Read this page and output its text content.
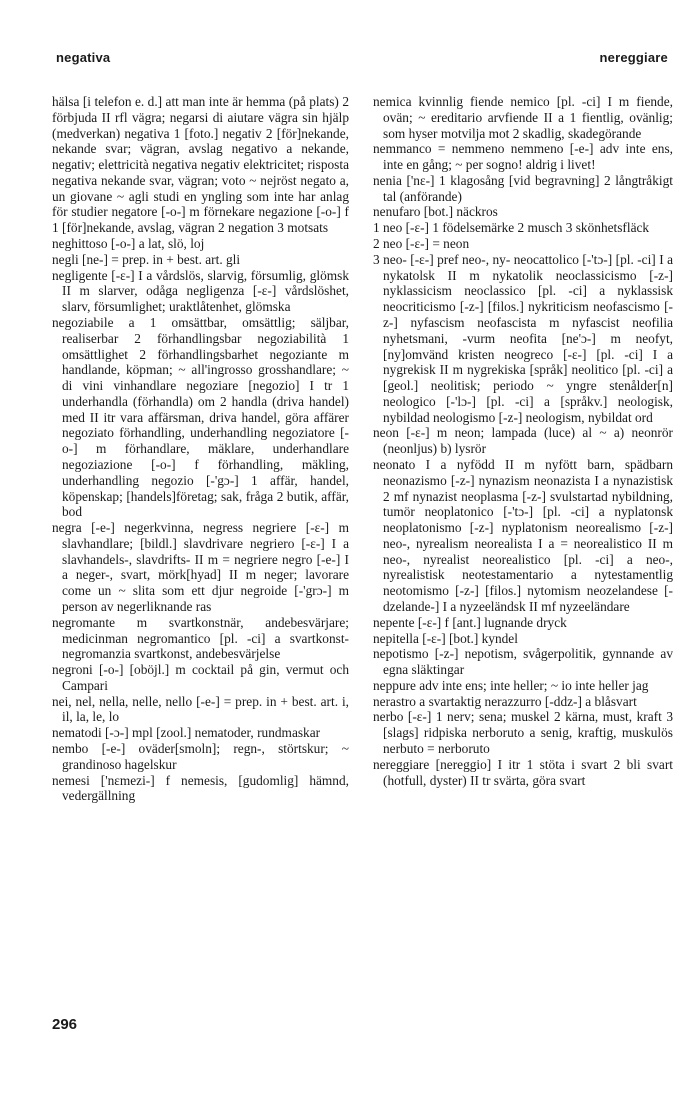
negativa	nereggiare

hälsa [i telefon e. d.] att man inte är hemma (på plats) 2 förbjuda II rfl vägra; negarsi di aiutare vägra sin hjälp (medverkan) negativa 1 [foto.] negativ 2 [för]nekande, nekande svar; vägran, avslag negativo a nekande, negativ; elettricità negativa negativ elektricitet; risposta negativa nekande svar, vägran; voto ~ nejröst negato a, un giovane ~ agli studi en yngling som inte har anlag för studier negatore [-o-] m förnekare negazione [-o-] f 1 [för]nekande, avslag, vägran 2 negation 3 motsats

neghittoso [-o-] a lat, slö, loj

negli [ne-] = prep. in + best. art. gli

negligente [-ɛ-] I a vårdslös, slarvig, försumlig, glömsk II m slarver, odåga negligenza [-ɛ-] vårdslöshet, slarv, försumlighet; uraktlåtenhet, glömska

negoziabile a 1 omsättbar, omsättlig; säljbar, realiserbar 2 förhandlingsbar negoziabilità 1 omsättlighet 2 förhandlingsbarhet negoziante m handlande, köpman; ~ all'ingrosso grosshandlare; ~ di vini vinhandlare negoziare [negozio] I tr 1 underhandla (förhandla) om 2 handla (driva handel) med II itr vara affärsman, driva handel, göra affärer negoziato förhandling, underhandling negoziatore [-o-] m förhandlare, mäklare, underhandlare negoziazione [-o-] f förhandling, mäkling, underhandling negozio [-'gɔ-] 1 affär, handel, köpenskap; [handels]företag; sak, fråga 2 butik, affär, bod

negra [-e-] negerkvinna, negress negriere [-ɛ-] m slavhandlare; [bildl.] slavdrivare negriero [-ɛ-] I a slavhandels-, slavdrifts- II m = negriere negro [-e-] I a neger-, svart, mörk[hyad] II m neger; lavorare come un ~ slita som ett djur negroide [-'grɔ-] m person av negerliknande ras

negromante m svartkonstnär, andebesvärjare; medicinman negromantico [pl. -ci] a svartkonst- negromanzia svartkonst, andebesvärjelse

negroni [-o-] [oböjl.] m cocktail på gin, vermut och Campari

nei, nel, nella, nelle, nello [-e-] = prep. in + best. art. i, il, la, le, lo

nematodi [-ɔ-] mpl [zool.] nematoder, rundmaskar

nembo [-e-] oväder[smoln]; regn-, störtskur; ~ grandinoso hagelskur

nemesi ['nɛmezi-] f nemesis, [gudomlig] hämnd, vedergällning

nemica kvinnlig fiende nemico [pl. -ci] I m fiende, ovän; ~ ereditario arvfiende II a 1 fientlig, ovänlig; som hyser motvilja mot 2 skadlig, skadegörande

nemmanco = nemmeno nemmeno [-e-] adv inte ens, inte en gång; ~ per sogno! aldrig i livet!

nenia ['nɛ-] 1 klagosång [vid begravning] 2 långtråkigt tal (anförande)

nenufaro [bot.] näckros

1 neo [-ɛ-] 1 födelsemärke 2 musch 3 skönhetsfläck

2 neo [-ɛ-] = neon

3 neo- [-ɛ-] pref neo-, ny- neocattolico [-'tɔ-] [pl. -ci] I a nykatolsk II m nykatolik neoclassicismo [-z-] nyklassicism neoclassico [pl. -ci] a nyklassisk neocriticismo [-z-] [filos.] nykriticism neofascismo [-z-] nyfascism neofascista m nyfascist neofilia nyhetsmani, -vurm neofita [ne'ɔ-] m neofyt, [ny]omvänd kristen neogreco [-ɛ-] [pl. -ci] I a nygrekisk II m nygrekiska [språk] neolitico [pl. -ci] a [geol.] neolitisk; periodo ~ yngre stenålder[n] neologico [-'lɔ-] [pl. -ci] a [språkv.] neologisk, nybildad neologismo [-z-] neologism, nybildat ord

neon [-ɛ-] m neon; lampada (luce) al ~ a) neonrör (neonljus) b) lysrör

neonato I a nyfödd II m nyfött barn, spädbarn neonazismo [-z-] nynazism neonazista I a nynazistisk 2 mf nynazist neoplasma [-z-] svulstartad nybildning, tumör neoplatonico [-'tɔ-] [pl. -ci] a nyplatonsk neoplatonismo [-z-] nyplatonism neorealismo [-z-] neo-, nyrealism neorealista I a = neorealistico II m neo-, nyrealist neorealistico [pl. -ci] a neo-, nyrealistisk neotestamentario a nytestamentlig neotomismo [-z-] [filos.] nytomism neozelandese [-dzelande-] I a nyzeeländsk II mf nyzeeländare

nepente [-ɛ-] f [ant.] lugnande dryck

nepitella [-ɛ-] [bot.] kyndel

nepotismo [-z-] nepotism, svågerpolitik, gynnande av egna släktingar

neppure adv inte ens; inte heller; ~ io inte heller jag

nerastro a svartaktig nerazzurro [-ddz-] a blåsvart

nerbo [-ɛ-] 1 nerv; sena; muskel 2 kärna, must, kraft 3 [slags] ridpiska nerboruto a senig, kraftig, muskulös nerbuto = nerboruto

nereggiare [nereggio] I itr 1 stöta i svart 2 bli svart (hotfull, dyster) II tr svärta, göra svart

296
